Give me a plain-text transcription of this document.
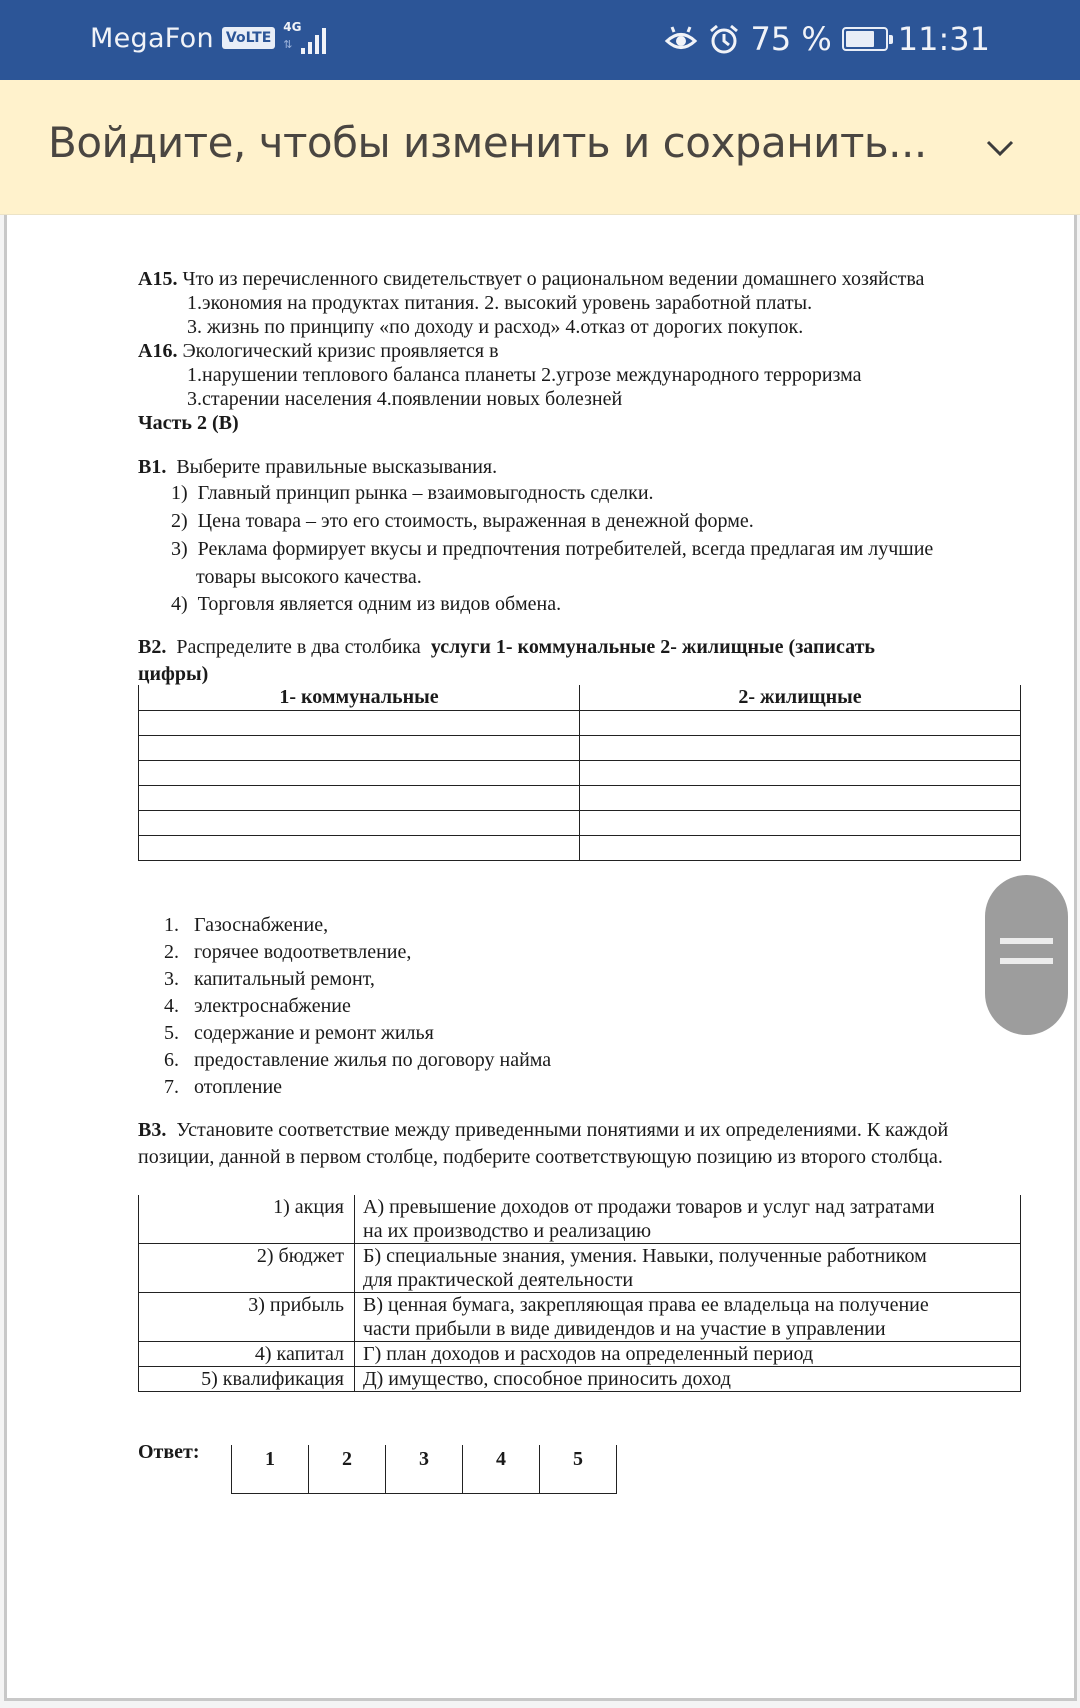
MegaFon VoLTE
4G
⇅	75 % 11:31
Войдите, чтобы изменить и сохранить...
A15. Что из перечисленного свидетельствует о рациональном ведении домашнего хозяйства
1.экономия на продуктах питания. 2. высокий уровень заработной платы.
3. жизнь по принципу «по доходу и расход» 4.отказ от дорогих покупок.
A16. Экологический кризис проявляется в
1.нарушении теплового баланса планеты 2.угрозе международного терроризма
3.старении населения 4.появлении новых болезней
Часть 2 (В)
В1. Выберите правильные высказывания.
1) Главный принцип рынка – взаимовыгодность сделки.
2) Цена товара – это его стоимость, выраженная в денежной форме.
3) Реклама формирует вкусы и предпочтения потребителей, всегда предлагая им лучшие
товары высокого качества.
4) Торговля является одним из видов обмена.
В2. Распределите в два столбика  услуги 1- коммунальные 2- жилищные (записать
цифры)
1- коммунальные	2- жилищные

1. Газоснабжение,
2. горячее водоответвление,
3. капитальный ремонт,
4. электроснабжение
5. содержание и ремонт жилья
6. предоставление жилья по договору найма
7. отопление
В3. Установите соответствие между приведенными понятиями и их определениями. К каждой
позиции, данной в первом столбце, подберите соответствующую позицию из второго столбца.
1) акция	А) превышение доходов от продажи товаров и услуг над затратами
на их производство и реализацию

2) бюджет	Б) специальные знания, умения. Навыки, полученные работником
для практической деятельности

3) прибыль	В) ценная бумага, закрепляющая права ее владельца на получение
части прибыли в виде дивидендов и на участие в управлении

4) капитал	Г) план доходов и расходов на определенный период

5) квалификация	Д) имущество, способное приносить доход
Ответ:	1	2	3	4	5
